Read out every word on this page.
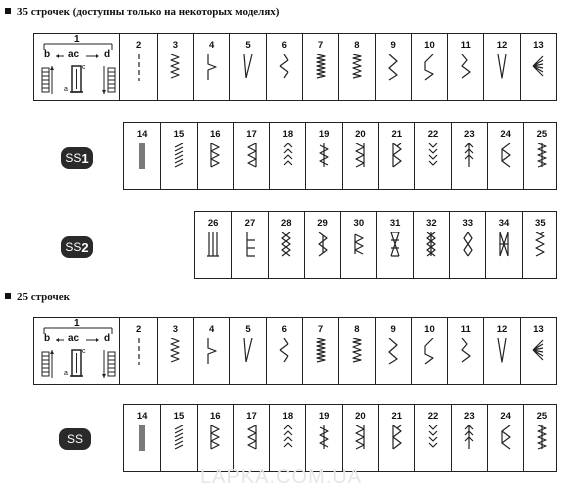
35 строчек (доступны только на некоторых моделях)
1
b ac d
a
c
2	3	4	5	6	7	8	9	10	11	12	13
SS 1
14	15	16	17	18	19	20	21	22	23	24	25
SS 2
26	27	28	29	30	31	32	33	34	35
25 строчек
1
b ac d
a
c
2	3	4	5	6	7	8	9	10	11	12	13
SS
14	15	16	17	18	19	20	21	22	23	24	25
LAPKA.COM.UA
